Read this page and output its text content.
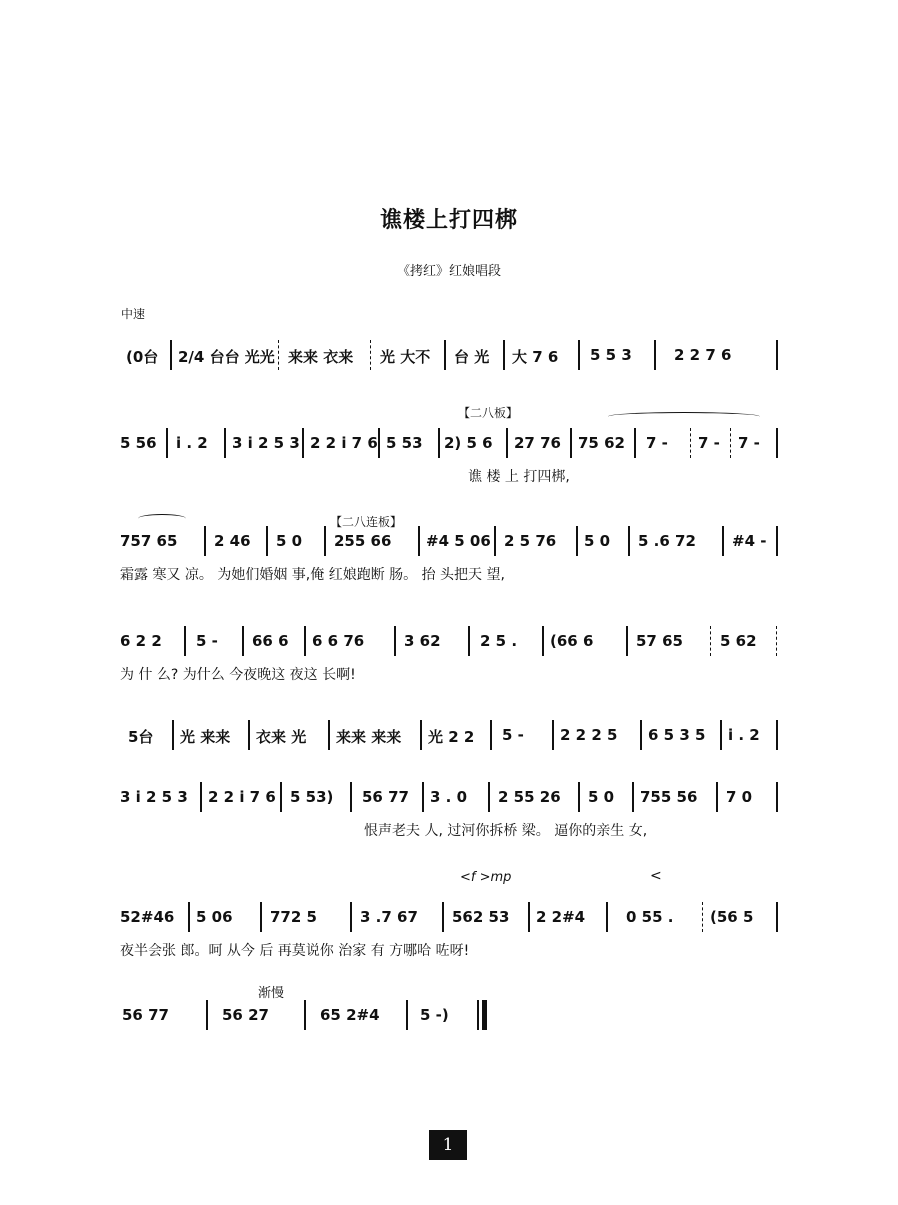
谯楼上打四梆
《拷红》红娘唱段
中速
(0台 2/4 台台 光光 来来 衣来 光 大不 台 光 大 7 6 5 5 3	2 2 7 6
【二八板】
5 56 i . 2 3 i 2 5 3 2 2 i 7 6 5 53 2) 5 6 27 76 75 62 7 - 7 - 7 -
谯 楼 上 打四梆,
【二八连板】
757 65 2 46 5 0 255 66 #4 5 06 2 5 76 5 0 5 .6 72 #4 -
霜露 寒又 凉。 为她们婚姻 事,俺 红娘跑断 肠。 抬 头把天 望,
6 2 2 5 - 66 6 6 6 76	3 62	2 5 . (66 6	57 65 5 62
为 什 么? 为什么 今夜晚这 夜这 长啊!
5台 光 来来 衣来 光 来来 来来 光 2 2 5 - 2 2 2 5 6 5 3 5 i . 2
3 i 2 5 3 2 2 i 7 6 5 53) 56 77 3 . 0 2 55 26 5 0 755 56 7 0
恨声老夫 人, 过河你拆桥 梁。 逼你的亲生 女,
<f >mp	<
52#46 5 06 772 5	3 .7 67 562 53 2 2#4	0 55 . (56 5
夜半会张 郎。呵 从今 后 再莫说你 治家 有 方哪哈 咗呀!
渐慢
56 77	56 27	65 2#4	5 -)
1
